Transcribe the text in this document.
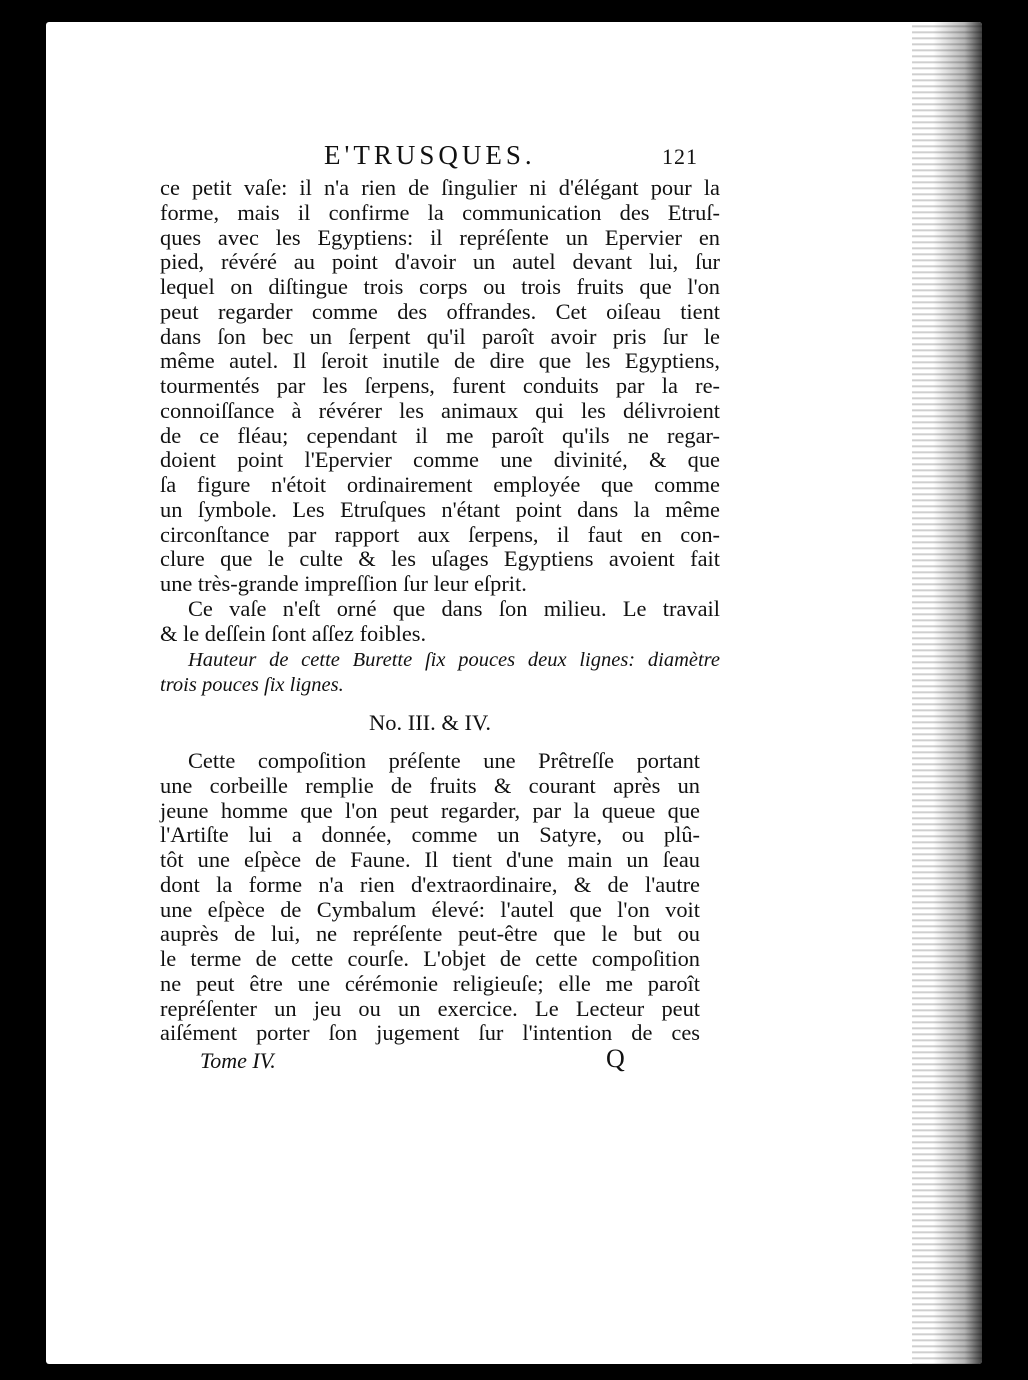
E'TRUSQUES.	121
ce petit vaſe: il n'a rien de ſingulier ni d'élégant pour la
forme, mais il confirme la communication des Etruſ-
ques avec les Egyptiens: il repréſente un Epervier en
pied, révéré au point d'avoir un autel devant lui, ſur
lequel on diſtingue trois corps ou trois fruits que l'on
peut regarder comme des offrandes. Cet oiſeau tient
dans ſon bec un ſerpent qu'il paroît avoir pris ſur le
même autel. Il ſeroit inutile de dire que les Egyptiens,
tourmentés par les ſerpens, furent conduits par la re-
connoiſſance à révérer les animaux qui les délivroient
de ce fléau; cependant il me paroît qu'ils ne regar-
doient point l'Epervier comme une divinité, & que
ſa figure n'étoit ordinairement employée que comme
un ſymbole. Les Etruſques n'étant point dans la même
circonſtance par rapport aux ſerpens, il faut en con-
clure que le culte & les uſages Egyptiens avoient fait
une très-grande impreſſion ſur leur eſprit.
Ce vaſe n'eſt orné que dans ſon milieu. Le travail
& le deſſein ſont aſſez foibles.
Hauteur de cette Burette ſix pouces deux lignes: diamètre
trois pouces ſix lignes.
No. III. & IV.
Cette compoſition préſente une Prêtreſſe portant
une corbeille remplie de fruits & courant après un
jeune homme que l'on peut regarder, par la queue que
l'Artiſte lui a donnée, comme un Satyre, ou plû-
tôt une eſpèce de Faune. Il tient d'une main un ſeau
dont la forme n'a rien d'extraordinaire, & de l'autre
une eſpèce de Cymbalum élevé: l'autel que l'on voit
auprès de lui, ne repréſente peut-être que le but ou
le terme de cette courſe. L'objet de cette compoſition
ne peut être une cérémonie religieuſe; elle me paroît
repréſenter un jeu ou un exercice. Le Lecteur peut
aiſément porter ſon jugement ſur l'intention de ces
Tome IV.	Q
